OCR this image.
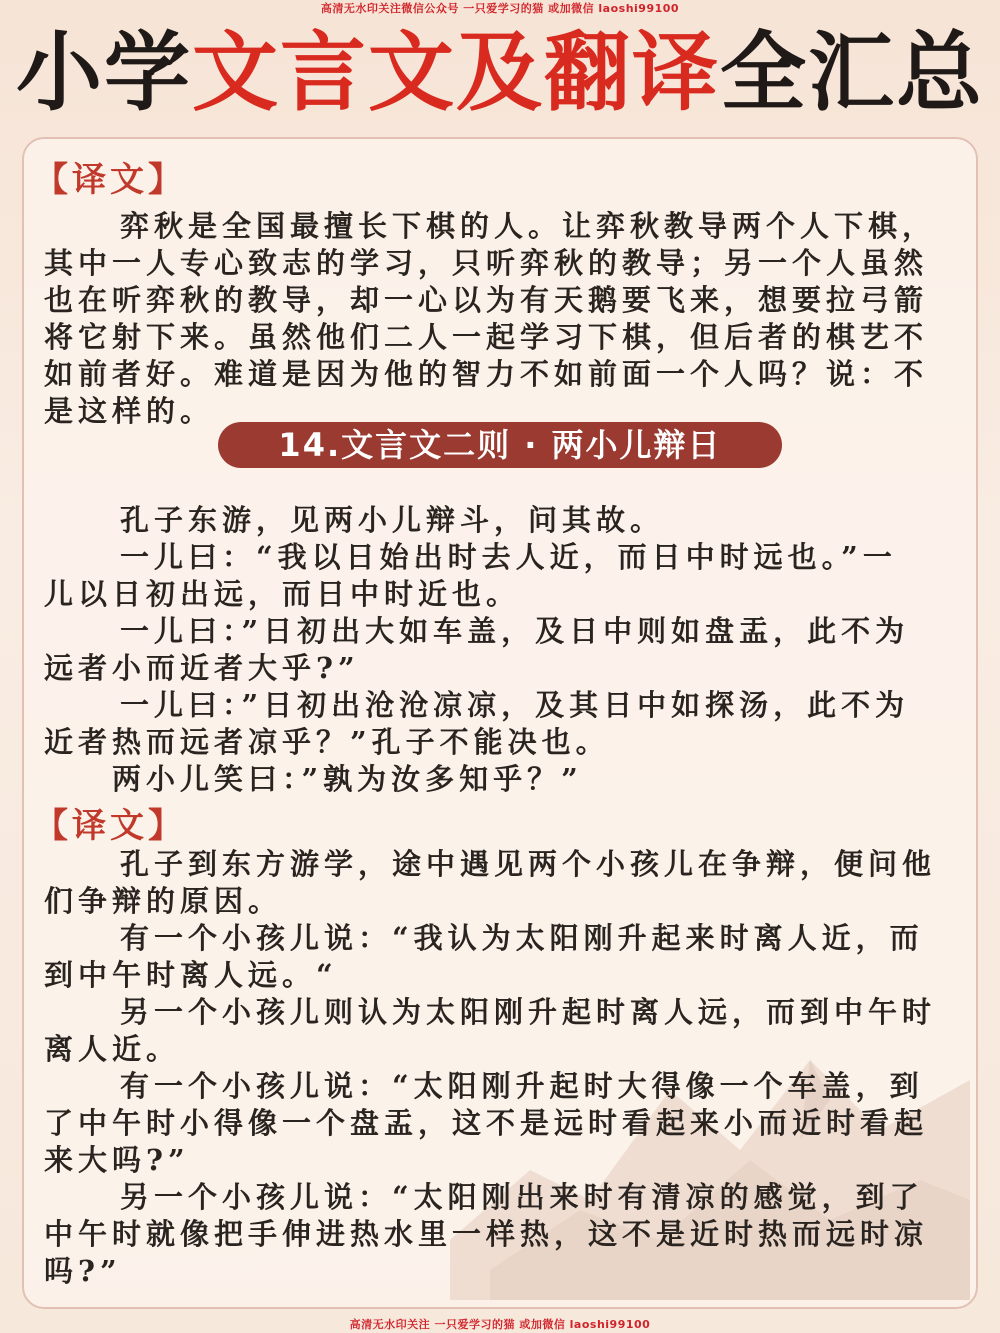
高清无水印关注微信公众号 一只爱学习的猫 或加微信 laoshi99100
小学文言文及翻译全汇总
【译文】

弈秋是全国最擅长下棋的人。让弈秋教导两个人下棋，

其中一人专心致志的学习，只听弈秋的教导；另一个人虽然

也在听弈秋的教导，却一心以为有天鹅要飞来，想要拉弓箭

将它射下来。虽然他们二人一起学习下棋，但后者的棋艺不

如前者好。难道是因为他的智力不如前面一个人吗？说：不

是这样的。

14.文言文二则 · 两小儿辩日

孔子东游，见两小儿辩斗，问其故。

一儿曰：“我以日始出时去人近，而日中时远也。”一

儿以日初出远，而日中时近也。

一儿曰：”日初出大如车盖，及日中则如盘盂，此不为

远者小而近者大乎?”

一儿曰：”日初出沧沧凉凉，及其日中如探汤，此不为

近者热而远者凉乎？”孔子不能决也。

两小儿笑曰：”孰为汝多知乎？”

【译文】

孔子到东方游学，途中遇见两个小孩儿在争辩，便问他

们争辩的原因。

有一个小孩儿说：“我认为太阳刚升起来时离人近，而

到中午时离人远。“

另一个小孩儿则认为太阳刚升起时离人远，而到中午时

离人近。

有一个小孩儿说：“太阳刚升起时大得像一个车盖，到

了中午时小得像一个盘盂，这不是远时看起来小而近时看起

来大吗?”

另一个小孩儿说：“太阳刚出来时有清凉的感觉，到了

中午时就像把手伸进热水里一样热，这不是近时热而远时凉

吗?”

高清无水印关注 一只爱学习的猫 或加微信 laoshi99100
